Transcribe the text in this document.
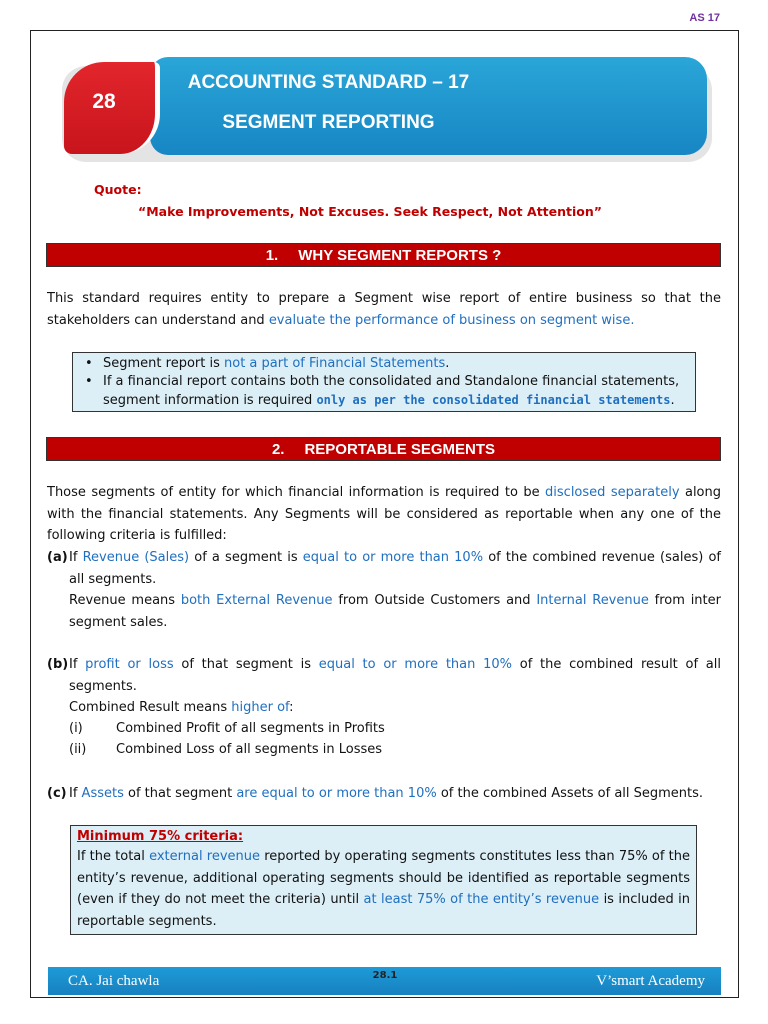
AS 17
ACCOUNTING STANDARD – 17
SEGMENT REPORTING
28
Quote:
“Make Improvements, Not Excuses. Seek Respect, Not Attention”
1. WHY SEGMENT REPORTS ?
This standard requires entity to prepare a Segment wise report of entire business so that the stakeholders can understand and evaluate the performance of business on segment wise.
• Segment report is not a part of Financial Statements.
• If a financial report contains both the consolidated and Standalone financial statements, segment information is required only as per the consolidated financial statements.
2. REPORTABLE SEGMENTS
Those segments of entity for which financial information is required to be disclosed separately along with the financial statements. Any Segments will be considered as reportable when any one of the following criteria is fulfilled:
(a) If Revenue (Sales) of a segment is equal to or more than 10% of the combined revenue (sales) of all segments.
Revenue means both External Revenue from Outside Customers and Internal Revenue from inter segment sales.
(b) If profit or loss of that segment is equal to or more than 10% of the combined result of all segments.
Combined Result means higher of:
(i)	Combined Profit of all segments in Profits
(ii) Combined Loss of all segments in Losses
(c) If Assets of that segment are equal to or more than 10% of the combined Assets of all Segments.
Minimum 75% criteria:
If the total external revenue reported by operating segments constitutes less than 75% of the entity’s revenue, additional operating segments should be identified as reportable segments (even if they do not meet the criteria) until at least 75% of the entity’s revenue is included in reportable segments.
CA. Jai chawla	V’smart Academy
28.1
